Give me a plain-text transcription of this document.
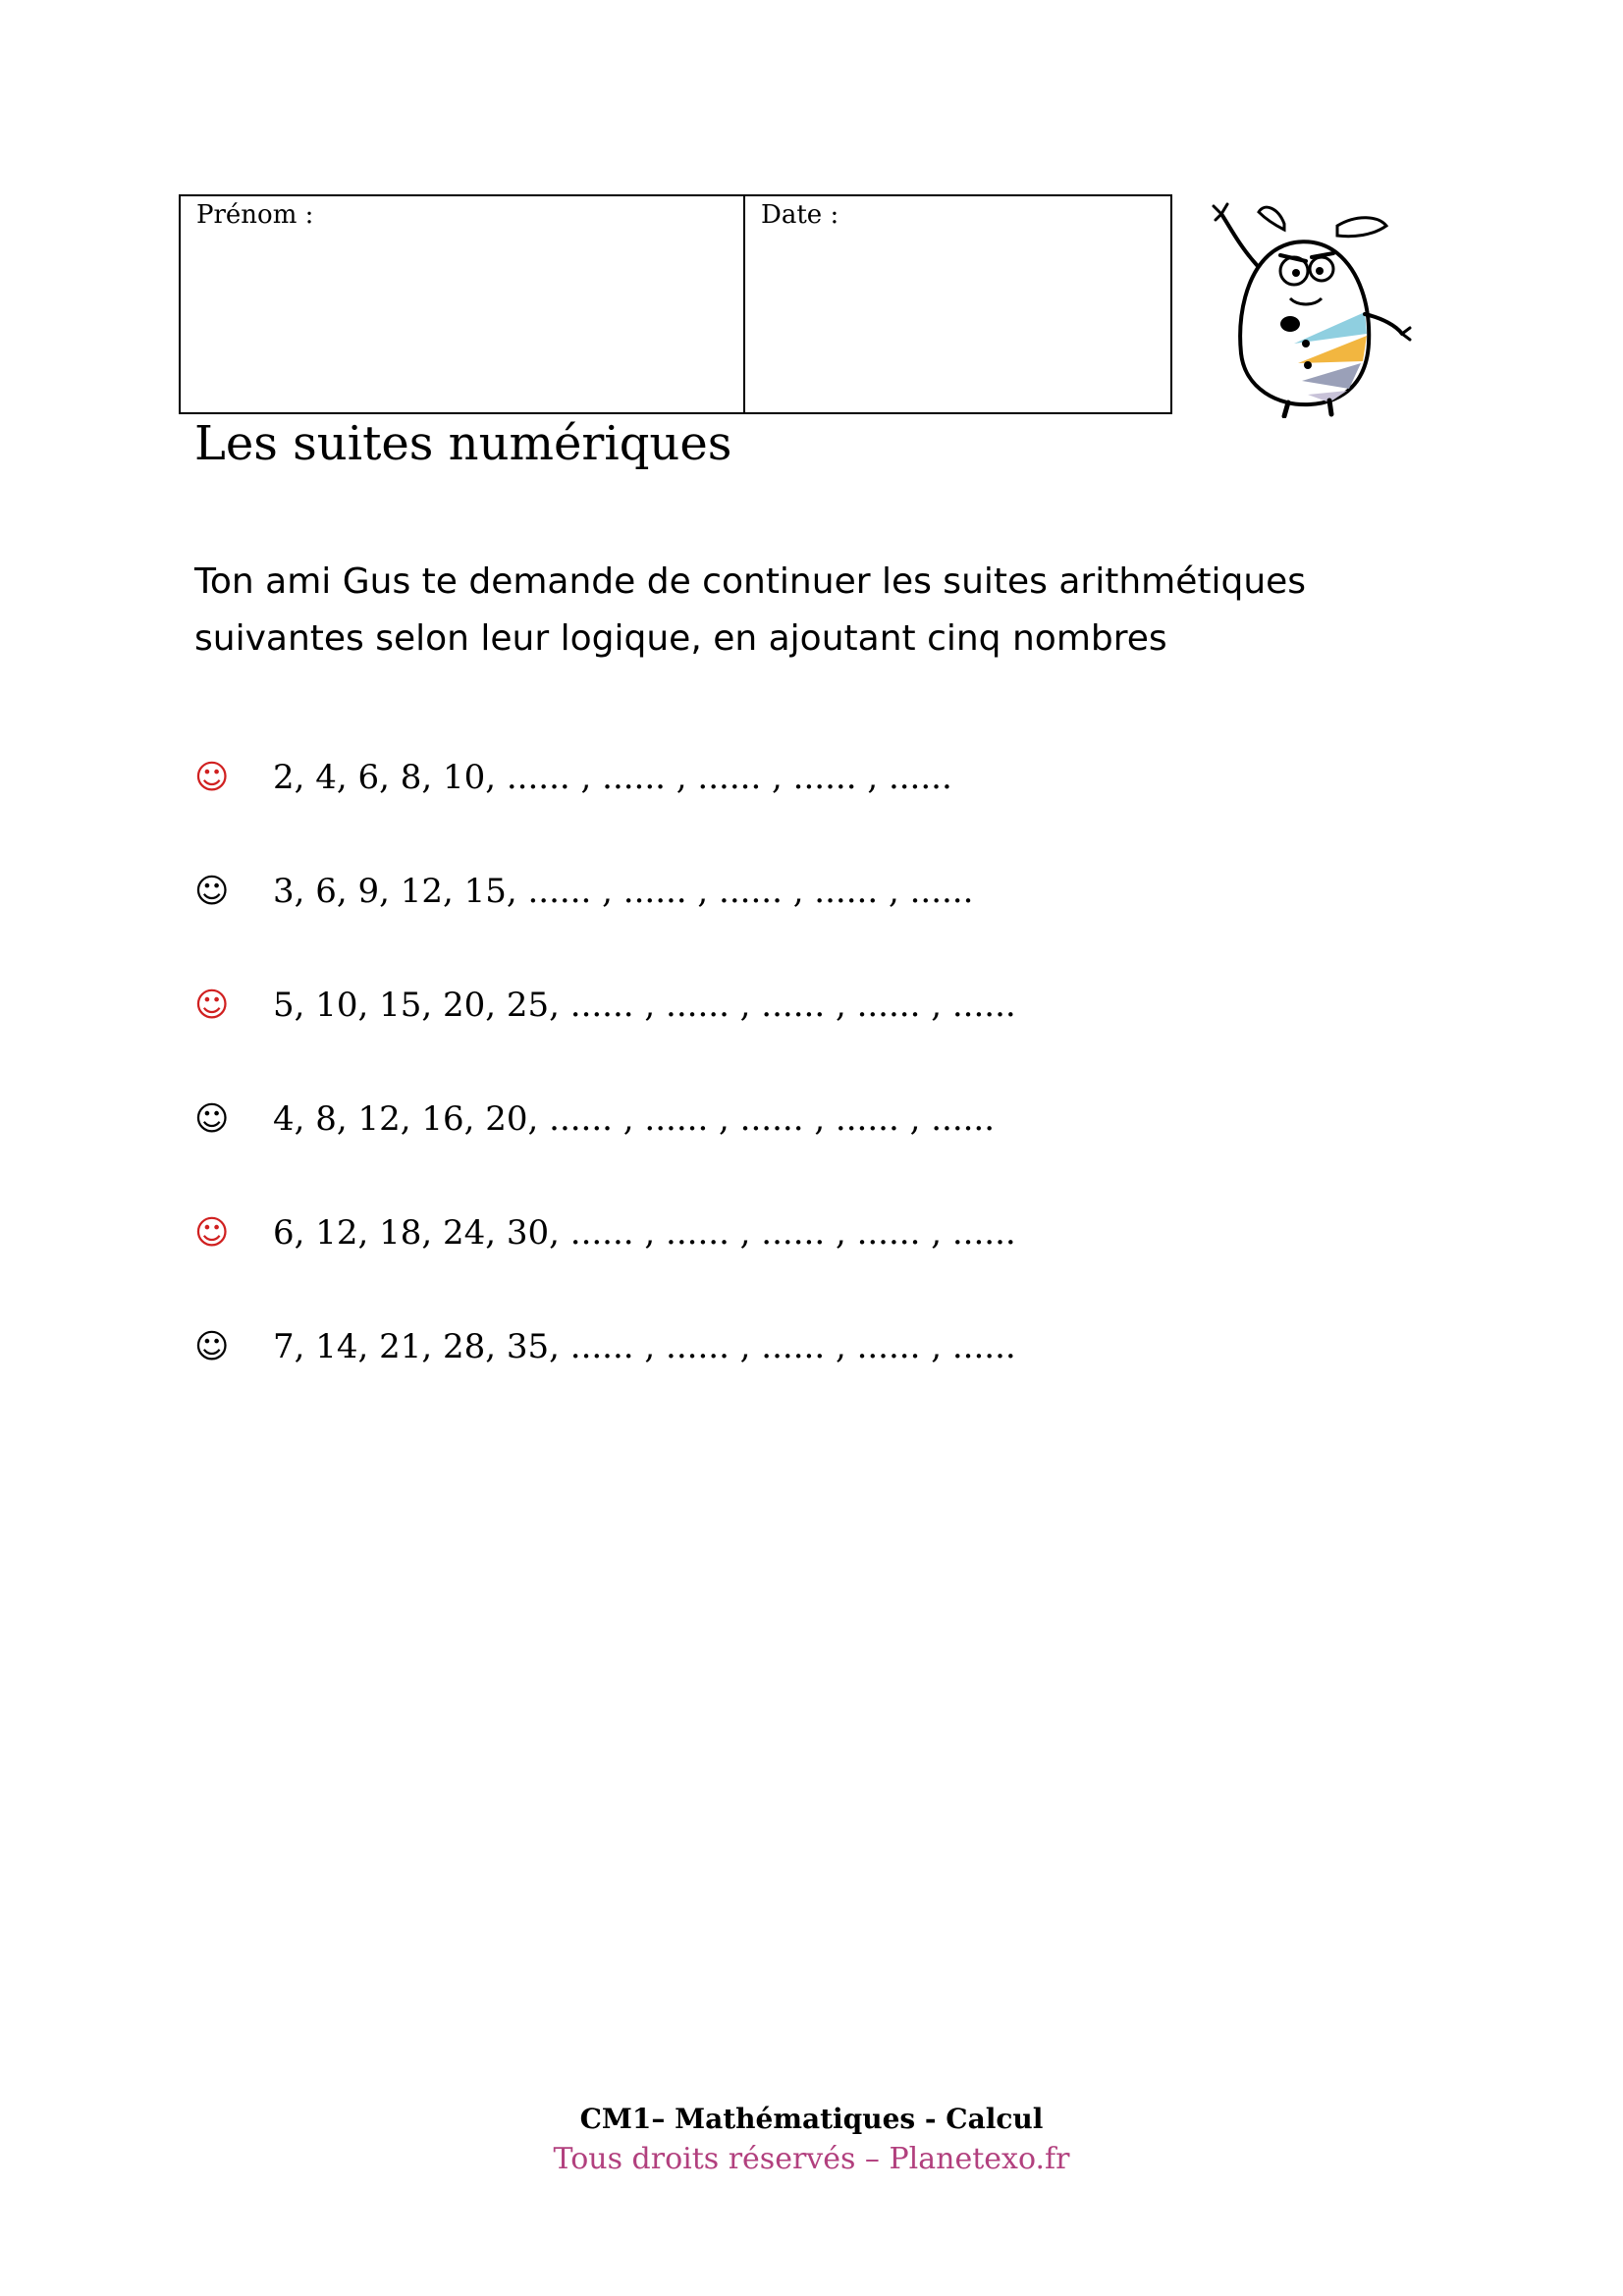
Prénom :	Date :
Les suites numériques

Ton ami Gus te demande de continuer les suites arithmétiques
suivantes selon leur logique, en ajoutant cinq nombres

☺	2, 4, 6, 8, 10, ...... , ...... , ...... , ...... , ......
☺	3, 6, 9, 12, 15, ...... , ...... , ...... , ...... , ......
☺	5, 10, 15, 20, 25, ...... , ...... , ...... , ...... , ......
☺	4, 8, 12, 16, 20, ...... , ...... , ...... , ...... , ......
☺	6, 12, 18, 24, 30, ...... , ...... , ...... , ...... , ......
☺	7, 14, 21, 28, 35, ...... , ...... , ...... , ...... , ......
CM1– Mathématiques - Calcul
Tous droits réservés – Planetexo.fr
